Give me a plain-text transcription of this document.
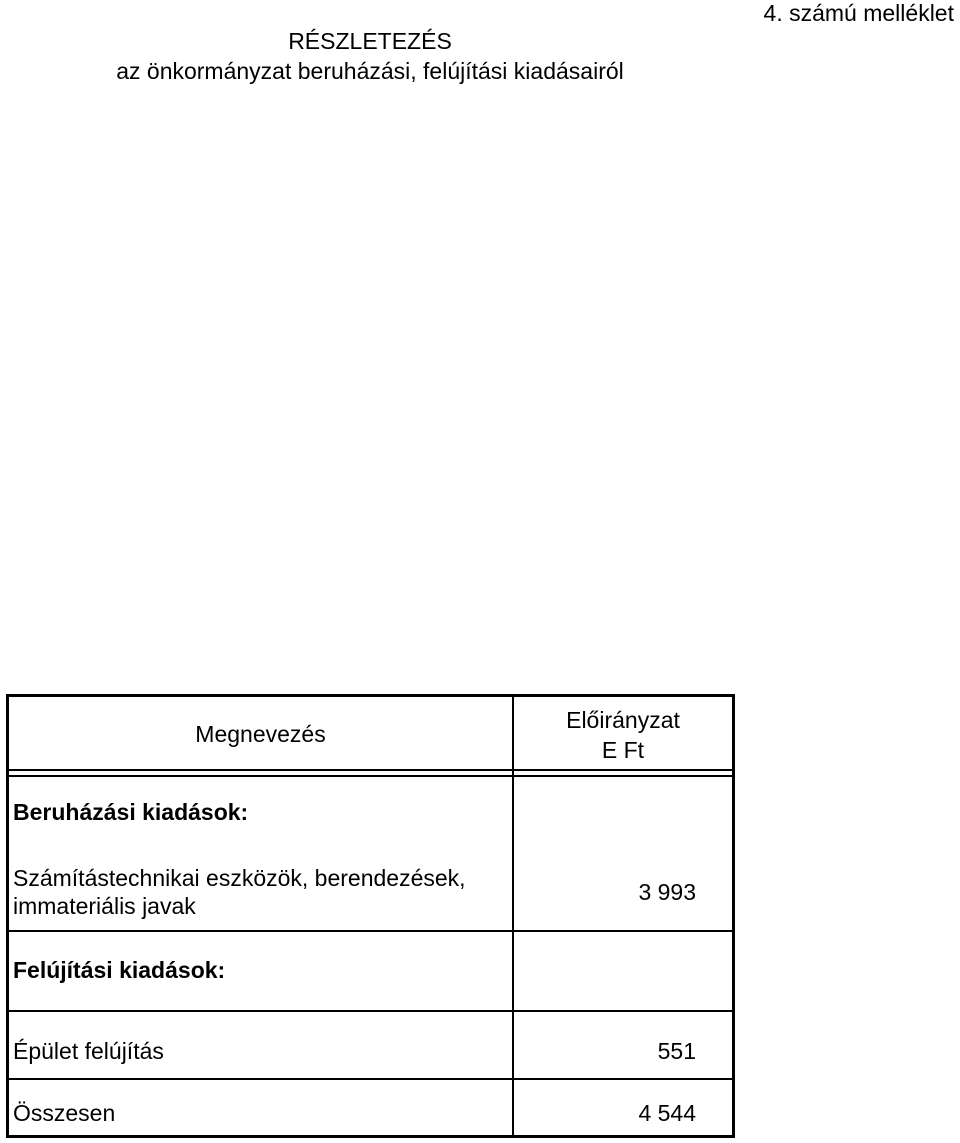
4. számú melléklet
RÉSZLETEZÉS
az önkormányzat beruházási, felújítási kiadásairól
Megnevezés
Előirányzat
E Ft
Beruházási kiadások:
Számítástechnikai eszközök, berendezések,
immateriális javak
3 993
Felújítási kiadások:
Épület felújítás	551
Összesen	4 544
